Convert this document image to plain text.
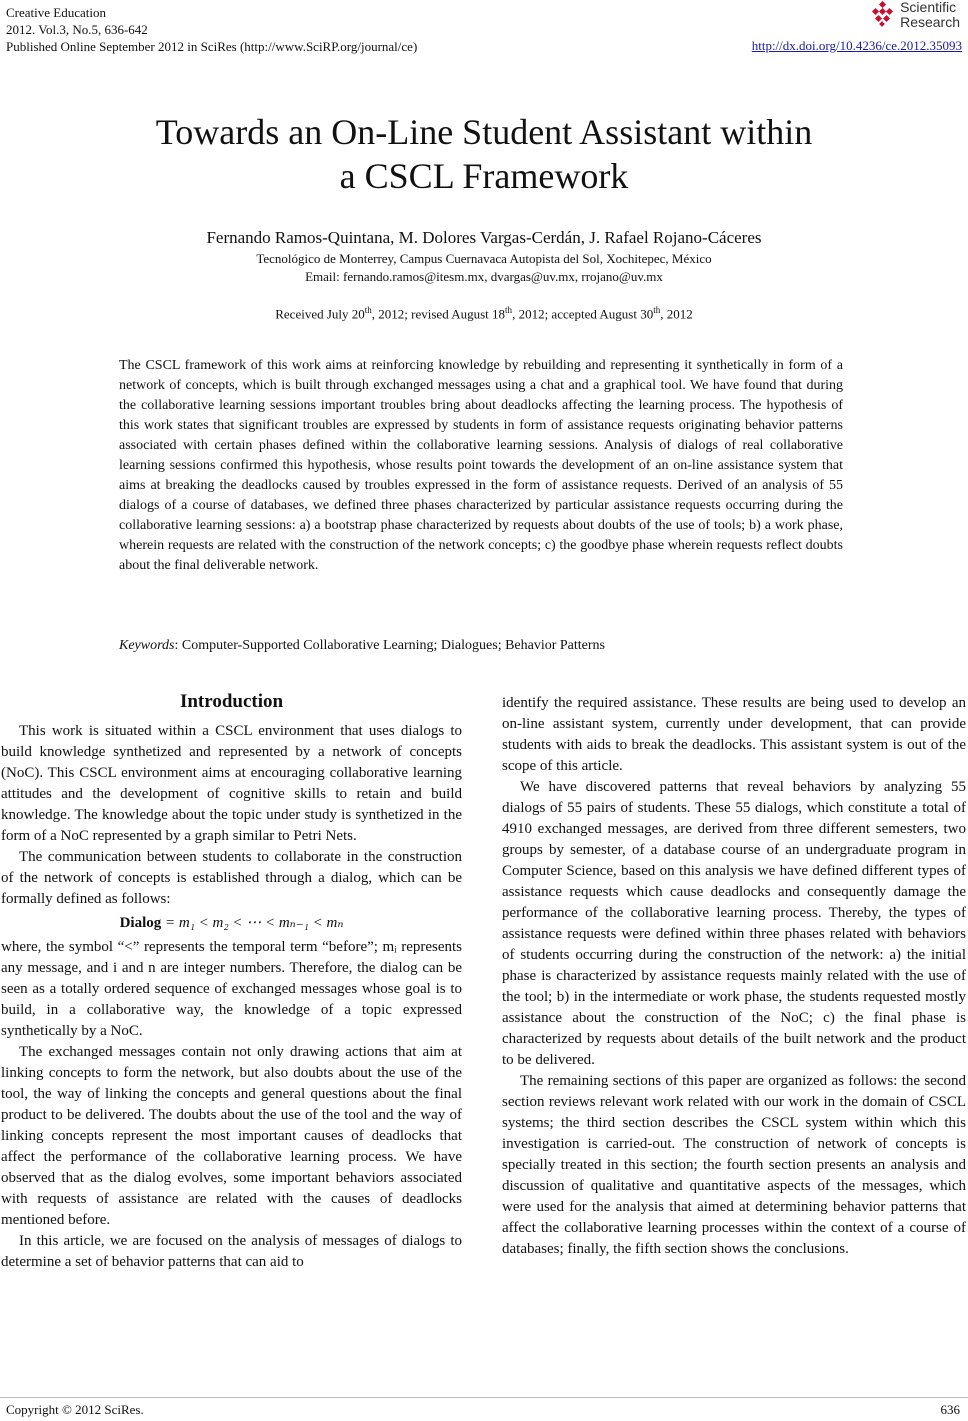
Creative Education
2012. Vol.3, No.5, 636-642
Published Online September 2012 in SciRes (http://www.SciRP.org/journal/ce)
Scientific
Research
http://dx.doi.org/10.4236/ce.2012.35093
Towards an On-Line Student Assistant within
a CSCL Framework
Fernando Ramos-Quintana, M. Dolores Vargas-Cerdán, J. Rafael Rojano-Cáceres
Tecnológico de Monterrey, Campus Cuernavaca Autopista del Sol, Xochitepec, México
Email: fernando.ramos@itesm.mx, dvargas@uv.mx, rrojano@uv.mx
Received July 20th, 2012; revised August 18th, 2012; accepted August 30th, 2012
The CSCL framework of this work aims at reinforcing knowledge by rebuilding and representing it synthetically in form of a network of concepts, which is built through exchanged messages using a chat and a graphical tool. We have found that during the collaborative learning sessions important troubles bring about deadlocks affecting the learning process. The hypothesis of this work states that significant troubles are expressed by students in form of assistance requests originating behavior patterns associated with certain phases defined within the collaborative learning sessions. Analysis of dialogs of real collaborative learning sessions confirmed this hypothesis, whose results point towards the development of an on-line assistance system that aims at breaking the deadlocks caused by troubles expressed in the form of assistance requests. Derived of an analysis of 55 dialogs of a course of databases, we defined three phases characterized by particular assistance requests occurring during the collaborative learning sessions: a) a bootstrap phase characterized by requests about doubts of the use of tools; b) a work phase, wherein requests are related with the construction of the network concepts; c) the goodbye phase wherein requests reflect doubts about the final deliverable network.
Keywords: Computer-Supported Collaborative Learning; Dialogues; Behavior Patterns
Introduction

This work is situated within a CSCL environment that uses dialogs to build knowledge synthetized and represented by a network of concepts (NoC). This CSCL environment aims at encouraging collaborative learning attitudes and the development of cognitive skills to retain and build knowledge. The knowledge about the topic under study is synthetized in the form of a NoC represented by a graph similar to Petri Nets.

The communication between students to collaborate in the construction of the network of concepts is established through a dialog, which can be formally defined as follows:

Dialog = m₁ < m₂ < ⋯ < mₙ₋₁ < mₙ

where, the symbol “<” represents the temporal term “before”; mᵢ represents any message, and i and n are integer numbers. Therefore, the dialog can be seen as a totally ordered sequence of exchanged messages whose goal is to build, in a collaborative way, the knowledge of a topic expressed synthetically by a NoC.

The exchanged messages contain not only drawing actions that aim at linking concepts to form the network, but also doubts about the use of the tool, the way of linking the concepts and general questions about the final product to be delivered. The doubts about the use of the tool and the way of linking concepts represent the most important causes of deadlocks that affect the performance of the collaborative learning process. We have observed that as the dialog evolves, some important behaviors associated with requests of assistance are related with the causes of deadlocks mentioned before.

In this article, we are focused on the analysis of messages of dialogs to determine a set of behavior patterns that can aid to

identify the required assistance. These results are being used to develop an on-line assistant system, currently under development, that can provide students with aids to break the deadlocks. This assistant system is out of the scope of this article.

We have discovered patterns that reveal behaviors by analyzing 55 dialogs of 55 pairs of students. These 55 dialogs, which constitute a total of 4910 exchanged messages, are derived from three different semesters, two groups by semester, of a database course of an undergraduate program in Computer Science, based on this analysis we have defined different types of assistance requests which cause deadlocks and consequently damage the performance of the collaborative learning process. Thereby, the types of assistance requests were defined within three phases related with behaviors of students occurring during the construction of the network: a) the initial phase is characterized by assistance requests mainly related with the use of the tool; b) in the intermediate or work phase, the students requested mostly assistance about the construction of the NoC; c) the final phase is characterized by requests about details of the built network and the product to be delivered.

The remaining sections of this paper are organized as follows: the second section reviews relevant work related with our work in the domain of CSCL systems; the third section describes the CSCL system within which this investigation is carried-out. The construction of network of concepts is specially treated in this section; the fourth section presents an analysis and discussion of qualitative and quantitative aspects of the messages, which were used for the analysis that aimed at determining behavior patterns that affect the collaborative learning processes within the context of a course of databases; finally, the fifth section shows the conclusions.

Copyright © 2012 SciRes.	636
